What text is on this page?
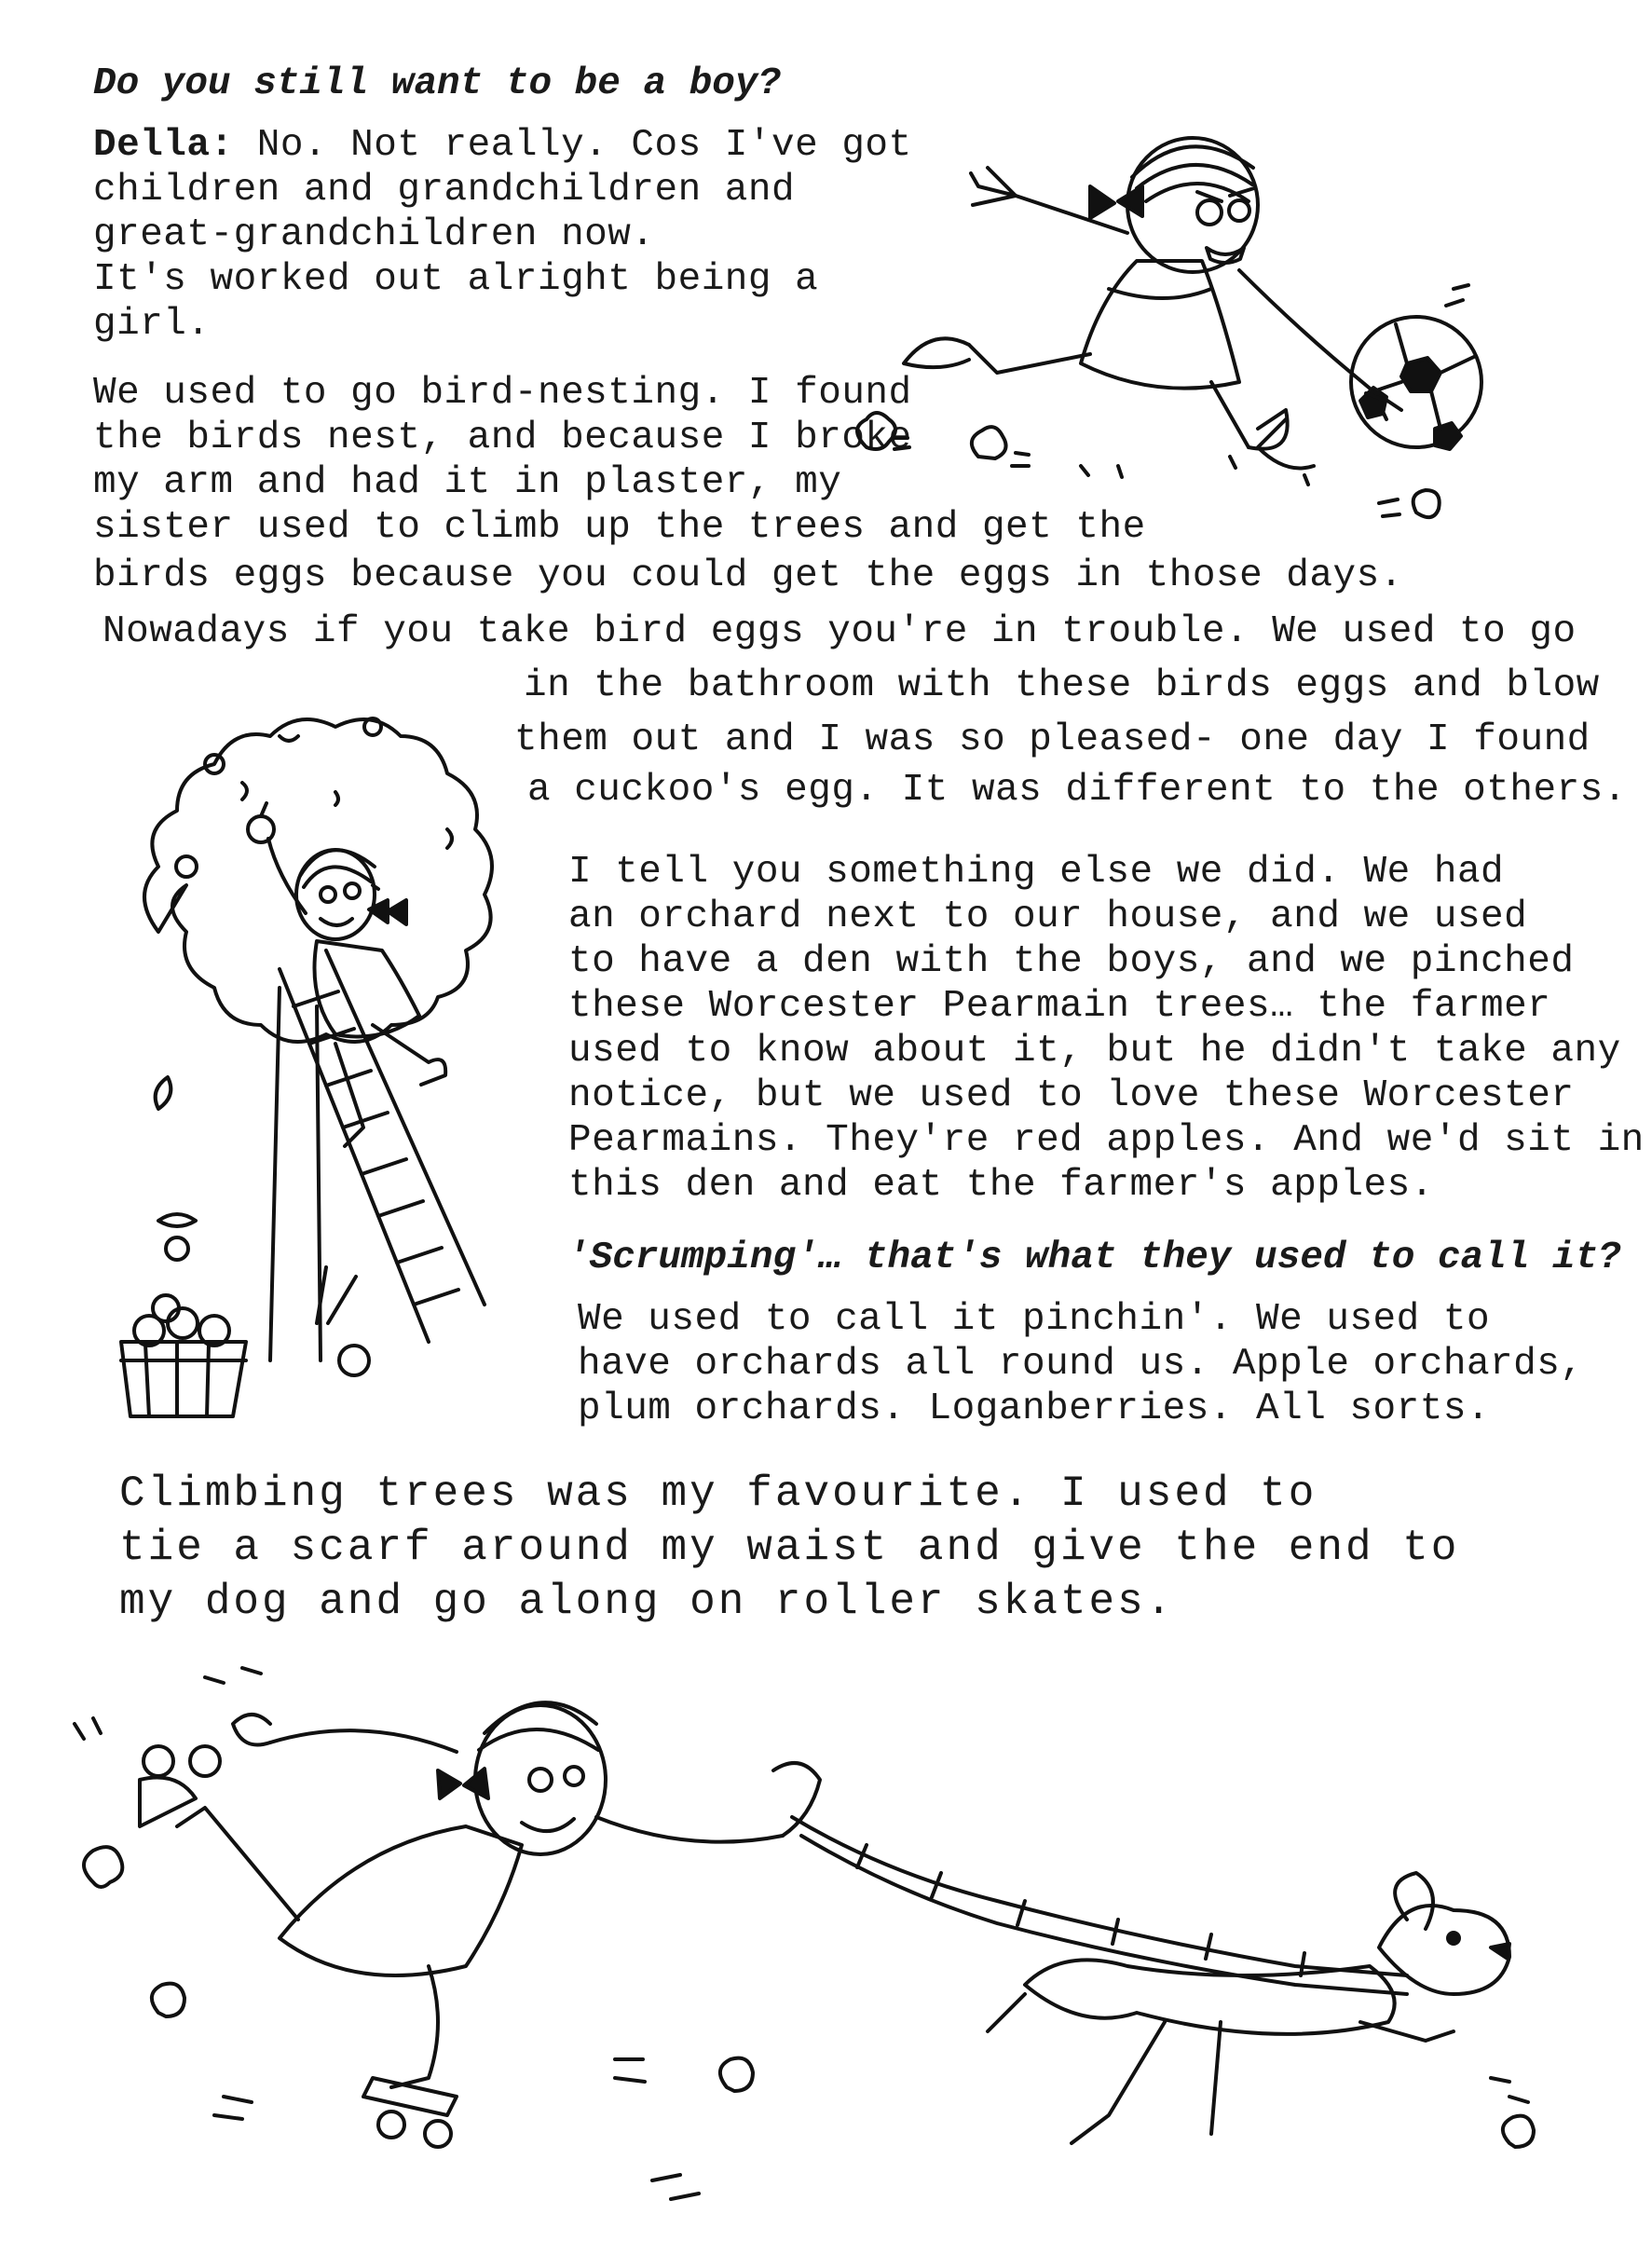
Do you still want to be a boy?
Della: No. Not really. Cos I've got
children and grandchildren and
great-grandchildren now.
It's worked out alright being a
girl.
We used to go bird-nesting. I found
the birds nest, and because I broke
my arm and had it in plaster, my
sister used to climb up the trees and get the
birds eggs because you could get the eggs in those days.
Nowadays if you take bird eggs you're in trouble. We used to go
in the bathroom with these birds eggs and blow
them out and I was so pleased- one day I found
a cuckoo's egg. It was different to the others.
I tell you something else we did. We had
an orchard next to our house, and we used
to have a den with the boys, and we pinched
these Worcester Pearmain trees… the farmer
used to know about it, but he didn't take any
notice, but we used to love these Worcester
Pearmains. They're red apples. And we'd sit in
this den and eat the farmer's apples.
'Scrumping'… that's what they used to call it?
We used to call it pinchin'. We used to
have orchards all round us. Apple orchards,
plum orchards. Loganberries. All sorts.
Climbing trees was my favourite. I used to
tie a scarf around my waist and give the end to
my dog and go along on roller skates.
